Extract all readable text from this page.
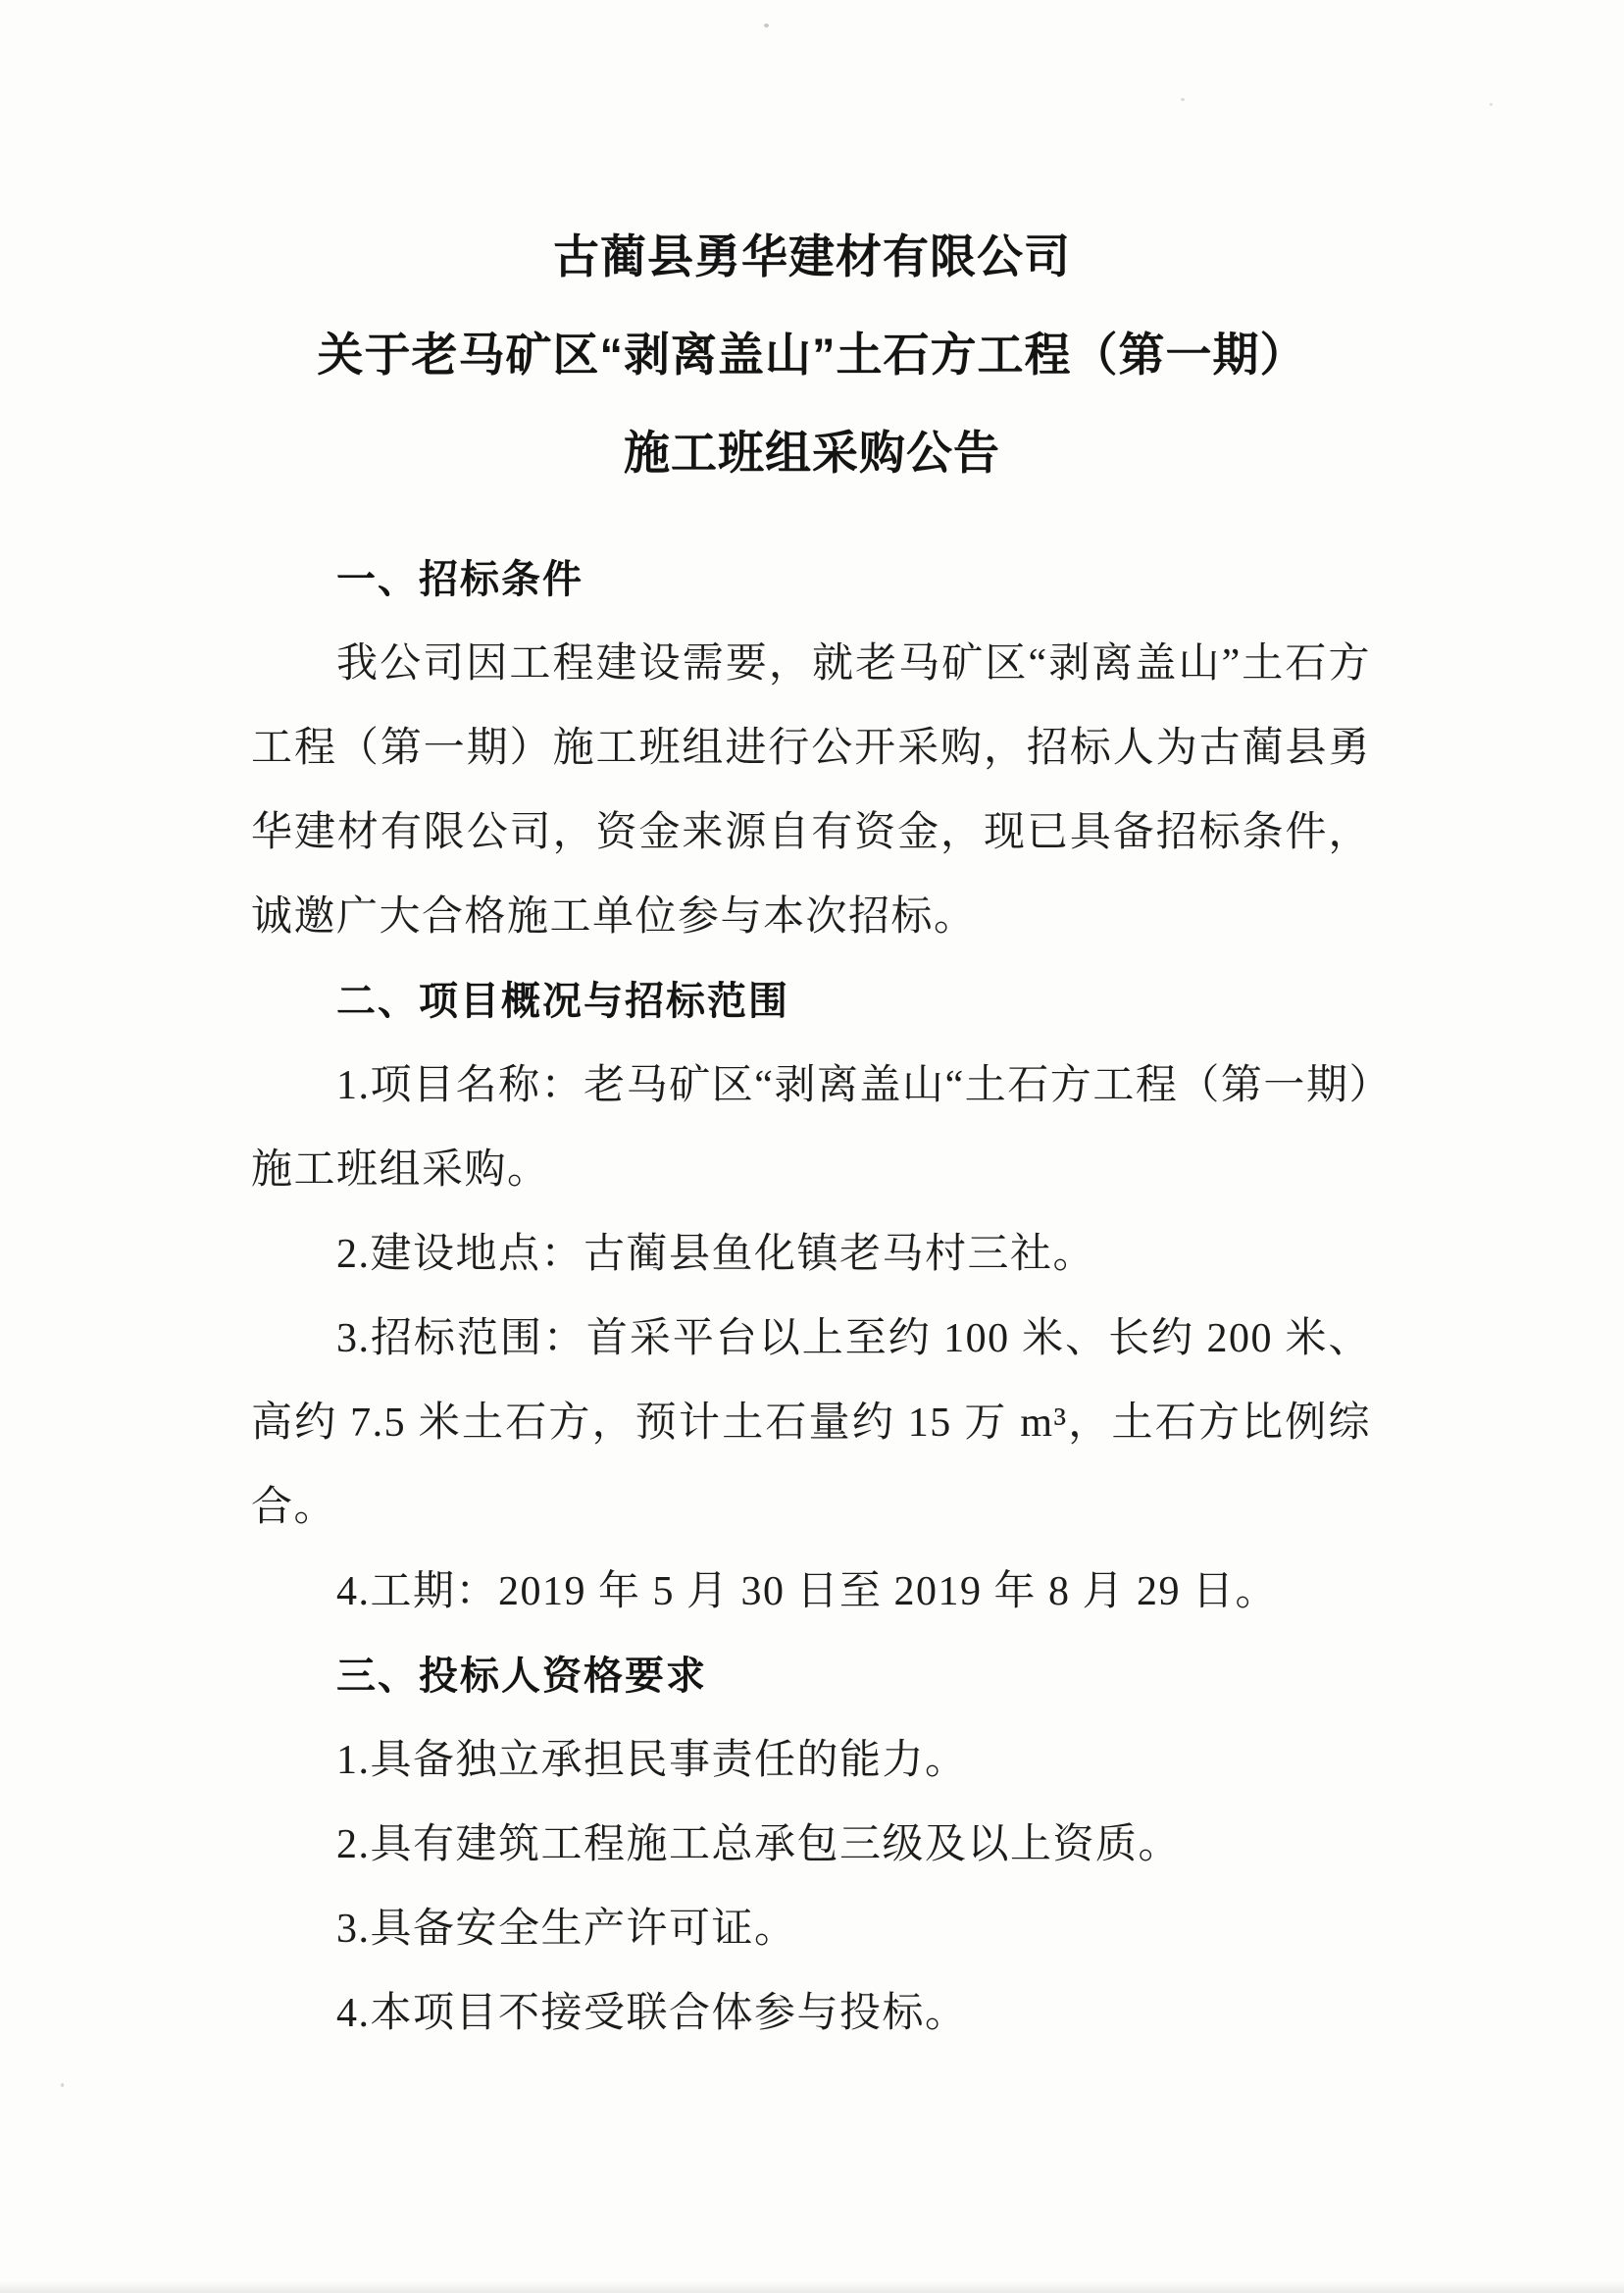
古蔺县勇华建材有限公司
关于老马矿区“剥离盖山”土石方工程（第一期）
施工班组采购公告
一、招标条件

我公司因工程建设需要，就老马矿区“剥离盖山”土石方工程（第一期）施工班组进行公开采购，招标人为古蔺县勇华建材有限公司，资金来源自有资金，现已具备招标条件，诚邀广大合格施工单位参与本次招标。

二、项目概况与招标范围

1.项目名称：老马矿区“剥离盖山“土石方工程（第一期）施工班组采购。

2.建设地点：古蔺县鱼化镇老马村三社。

3.招标范围：首采平台以上至约 100 米、长约 200 米、高约 7.5 米土石方，预计土石量约 15 万 m³，土石方比例综合。

4.工期：2019 年 5 月 30 日至 2019 年 8 月 29 日。

三、投标人资格要求

1.具备独立承担民事责任的能力。

2.具有建筑工程施工总承包三级及以上资质。

3.具备安全生产许可证。

4.本项目不接受联合体参与投标。
